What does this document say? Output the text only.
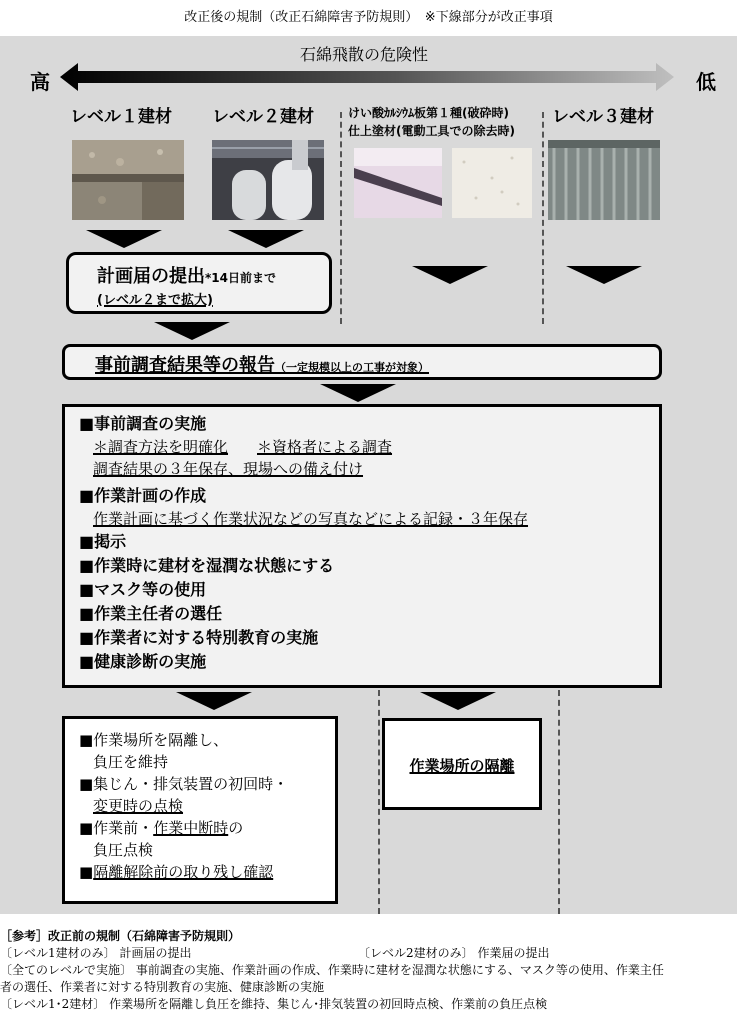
改正後の規制（改正石綿障害予防規則）　※下線部分が改正事項
石綿飛散の危険性
高	低
レベル１建材 レベル２建材	けい酸ｶﾙｼｳﾑ板第１種(破砕時)
仕上塗材(電動工具での除去時)
レベル３建材
計画届の提出*14日前まで
(レベル２まで拡大)
事前調査結果等の報告（一定規模以上の工事が対象）
■事前調査の実施
＊調査方法を明確化 ＊資格者による調査
調査結果の３年保存、現場への備え付け
■作業計画の作成
作業計画に基づく作業状況などの写真などによる記録・３年保存
■掲示
■作業時に建材を湿潤な状態にする
■マスク等の使用
■作業主任者の選任
■作業者に対する特別教育の実施
■健康診断の実施
■作業場所を隔離し、
負圧を維持
■集じん・排気装置の初回時・
変更時の点検
■作業前・作業中断時の
負圧点検
■隔離解除前の取り残し確認
作業場所の隔離
［参考］改正前の規制（石綿障害予防規則）
〔レベル1建材のみ〕 計画届の提出	〔レベル2建材のみ〕 作業届の提出
〔全てのレベルで実施〕 事前調査の実施、作業計画の作成、作業時に建材を湿潤な状態にする、マスク等の使用、作業主任
者の選任、作業者に対する特別教育の実施、健康診断の実施
〔レベル1･2建材〕 作業場所を隔離し負圧を維持、集じん･排気装置の初回時点検、作業前の負圧点検
